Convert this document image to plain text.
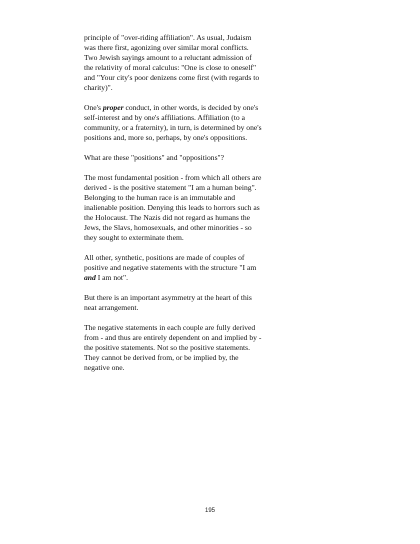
principle of "over-riding affiliation". As usual, Judaism
was there first, agonizing over similar moral conflicts.
Two Jewish sayings amount to a reluctant admission of
the relativity of moral calculus: "One is close to oneself"
and "Your city's poor denizens come first (with regards to
charity)".

One's proper conduct, in other words, is decided by one's
self-interest and by one's affiliations. Affiliation (to a
community, or a fraternity), in turn, is determined by one's
positions and, more so, perhaps, by one's oppositions.

What are these "positions" and "oppositions"?

The most fundamental position - from which all others are
derived - is the positive statement "I am a human being".
Belonging to the human race is an immutable and
inalienable position. Denying this leads to horrors such as
the Holocaust. The Nazis did not regard as humans the
Jews, the Slavs, homosexuals, and other minorities - so
they sought to exterminate them.

All other, synthetic, positions are made of couples of
positive and negative statements with the structure "I am
and I am not".

But there is an important asymmetry at the heart of this
neat arrangement.

The negative statements in each couple are fully derived
from - and thus are entirely dependent on and implied by -
the positive statements. Not so the positive statements.
They cannot be derived from, or be implied by, the
negative one.

195
